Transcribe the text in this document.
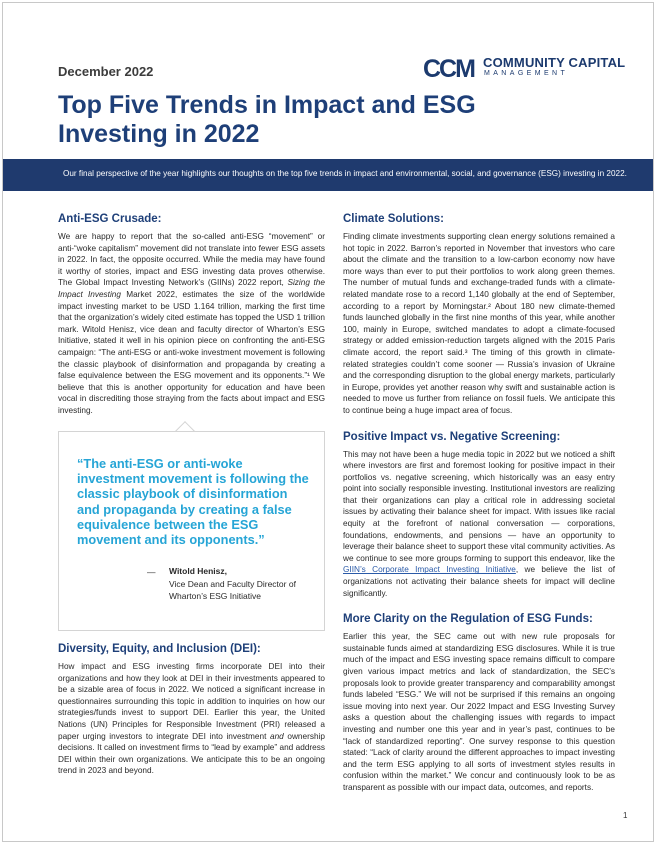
December 2022	CCM COMMUNITY CAPITAL
MANAGEMENT
Top Five Trends in Impact and ESG
Investing in 2022
Our final perspective of the year highlights our thoughts on the top five trends in impact and environmental, social, and governance (ESG) investing in 2022.
Anti-ESG Crusade:

We are happy to report that the so-called anti-ESG “movement” or anti-“woke capitalism” movement did not translate into fewer ESG assets in 2022. In fact, the opposite occurred. While the media may have found it worthy of stories, impact and ESG investing data proves otherwise. The Global Impact Investing Network’s (GIINs) 2022 report, Sizing the Impact Investing Market 2022, estimates the size of the worldwide impact investing market to be USD 1.164 trillion, marking the first time that the organization’s widely cited estimate has topped the USD 1 trillion mark. Witold Henisz, vice dean and faculty director of Wharton’s ESG Initiative, stated it well in his opinion piece on confronting the anti-ESG campaign: “The anti-ESG or anti-woke investment movement is following the classic playbook of disinformation and propaganda by creating a false equivalence between the ESG movement and its opponents.”¹ We believe that this is another opportunity for education and have been vocal in discrediting those straying from the facts about impact and ESG investing.

“The anti-ESG or anti-woke investment movement is following the classic playbook of disinformation and propaganda by creating a false equivalence between the ESG movement and its opponents.”
— Witold Henisz,
Vice Dean and Faculty Director of Wharton’s ESG Initiative
Diversity, Equity, and Inclusion (DEI):

How impact and ESG investing firms incorporate DEI into their organizations and how they look at DEI in their investments appeared to be a sizable area of focus in 2022. We noticed a significant increase in questionnaires surrounding this topic in addition to inquiries on how our strategies/funds invest to support DEI. Earlier this year, the United Nations (UN) Principles for Responsible Investment (PRI) released a paper urging investors to integrate DEI into investment and ownership decisions. It called on investment firms to “lead by example” and address DEI within their own organizations. We anticipate this to be an ongoing trend in 2023 and beyond.

Climate Solutions:

Finding climate investments supporting clean energy solutions remained a hot topic in 2022. Barron’s reported in November that investors who care about the climate and the transition to a low-carbon economy now have more ways than ever to put their portfolios to work along green themes. The number of mutual funds and exchange-traded funds with a climate-related mandate rose to a record 1,140 globally at the end of September, according to a report by Morningstar.² About 180 new climate-themed funds launched globally in the first nine months of this year, while another 100, mainly in Europe, switched mandates to adopt a climate-focused strategy or added emission-reduction targets aligned with the 2015 Paris climate accord, the report said.³ The timing of this growth in climate-related strategies couldn’t come sooner — Russia’s invasion of Ukraine and the corresponding disruption to the global energy markets, particularly in Europe, provides yet another reason why swift and sustainable action is needed to move us further from reliance on fossil fuels. We anticipate this to continue being a huge impact area of focus.

Positive Impact vs. Negative Screening:

This may not have been a huge media topic in 2022 but we noticed a shift where investors are first and foremost looking for positive impact in their portfolios vs. negative screening, which historically was an easy entry point into socially responsible investing. Institutional investors are realizing that their organizations can play a critical role in addressing societal issues by activating their balance sheet for impact. With issues like racial equity at the forefront of national conversation — corporations, foundations, endowments, and pensions — have an opportunity to leverage their balance sheet to support these vital community activities. As we continue to see more groups forming to support this endeavor, like the GIIN’s Corporate Impact Investing Initiative, we believe the list of organizations not activating their balance sheets for impact will decline significantly.

More Clarity on the Regulation of ESG Funds:

Earlier this year, the SEC came out with new rule proposals for sustainable funds aimed at standardizing ESG disclosures. While it is true much of the impact and ESG investing space remains difficult to compare given various impact metrics and lack of standardization, the SEC’s proposals look to provide greater transparency and comparability amongst funds labeled “ESG.” We will not be surprised if this remains an ongoing issue moving into next year. Our 2022 Impact and ESG Investing Survey asks a question about the challenging issues with regards to impact investing and number one this year and in year’s past, continues to be “lack of standardized reporting”. One survey response to this question stated: “Lack of clarity around the different approaches to impact investing and the term ESG applying to all sorts of investment styles results in confusion within the market.” We concur and continuously look to be as transparent as possible with our impact data, outcomes, and reports.

1
